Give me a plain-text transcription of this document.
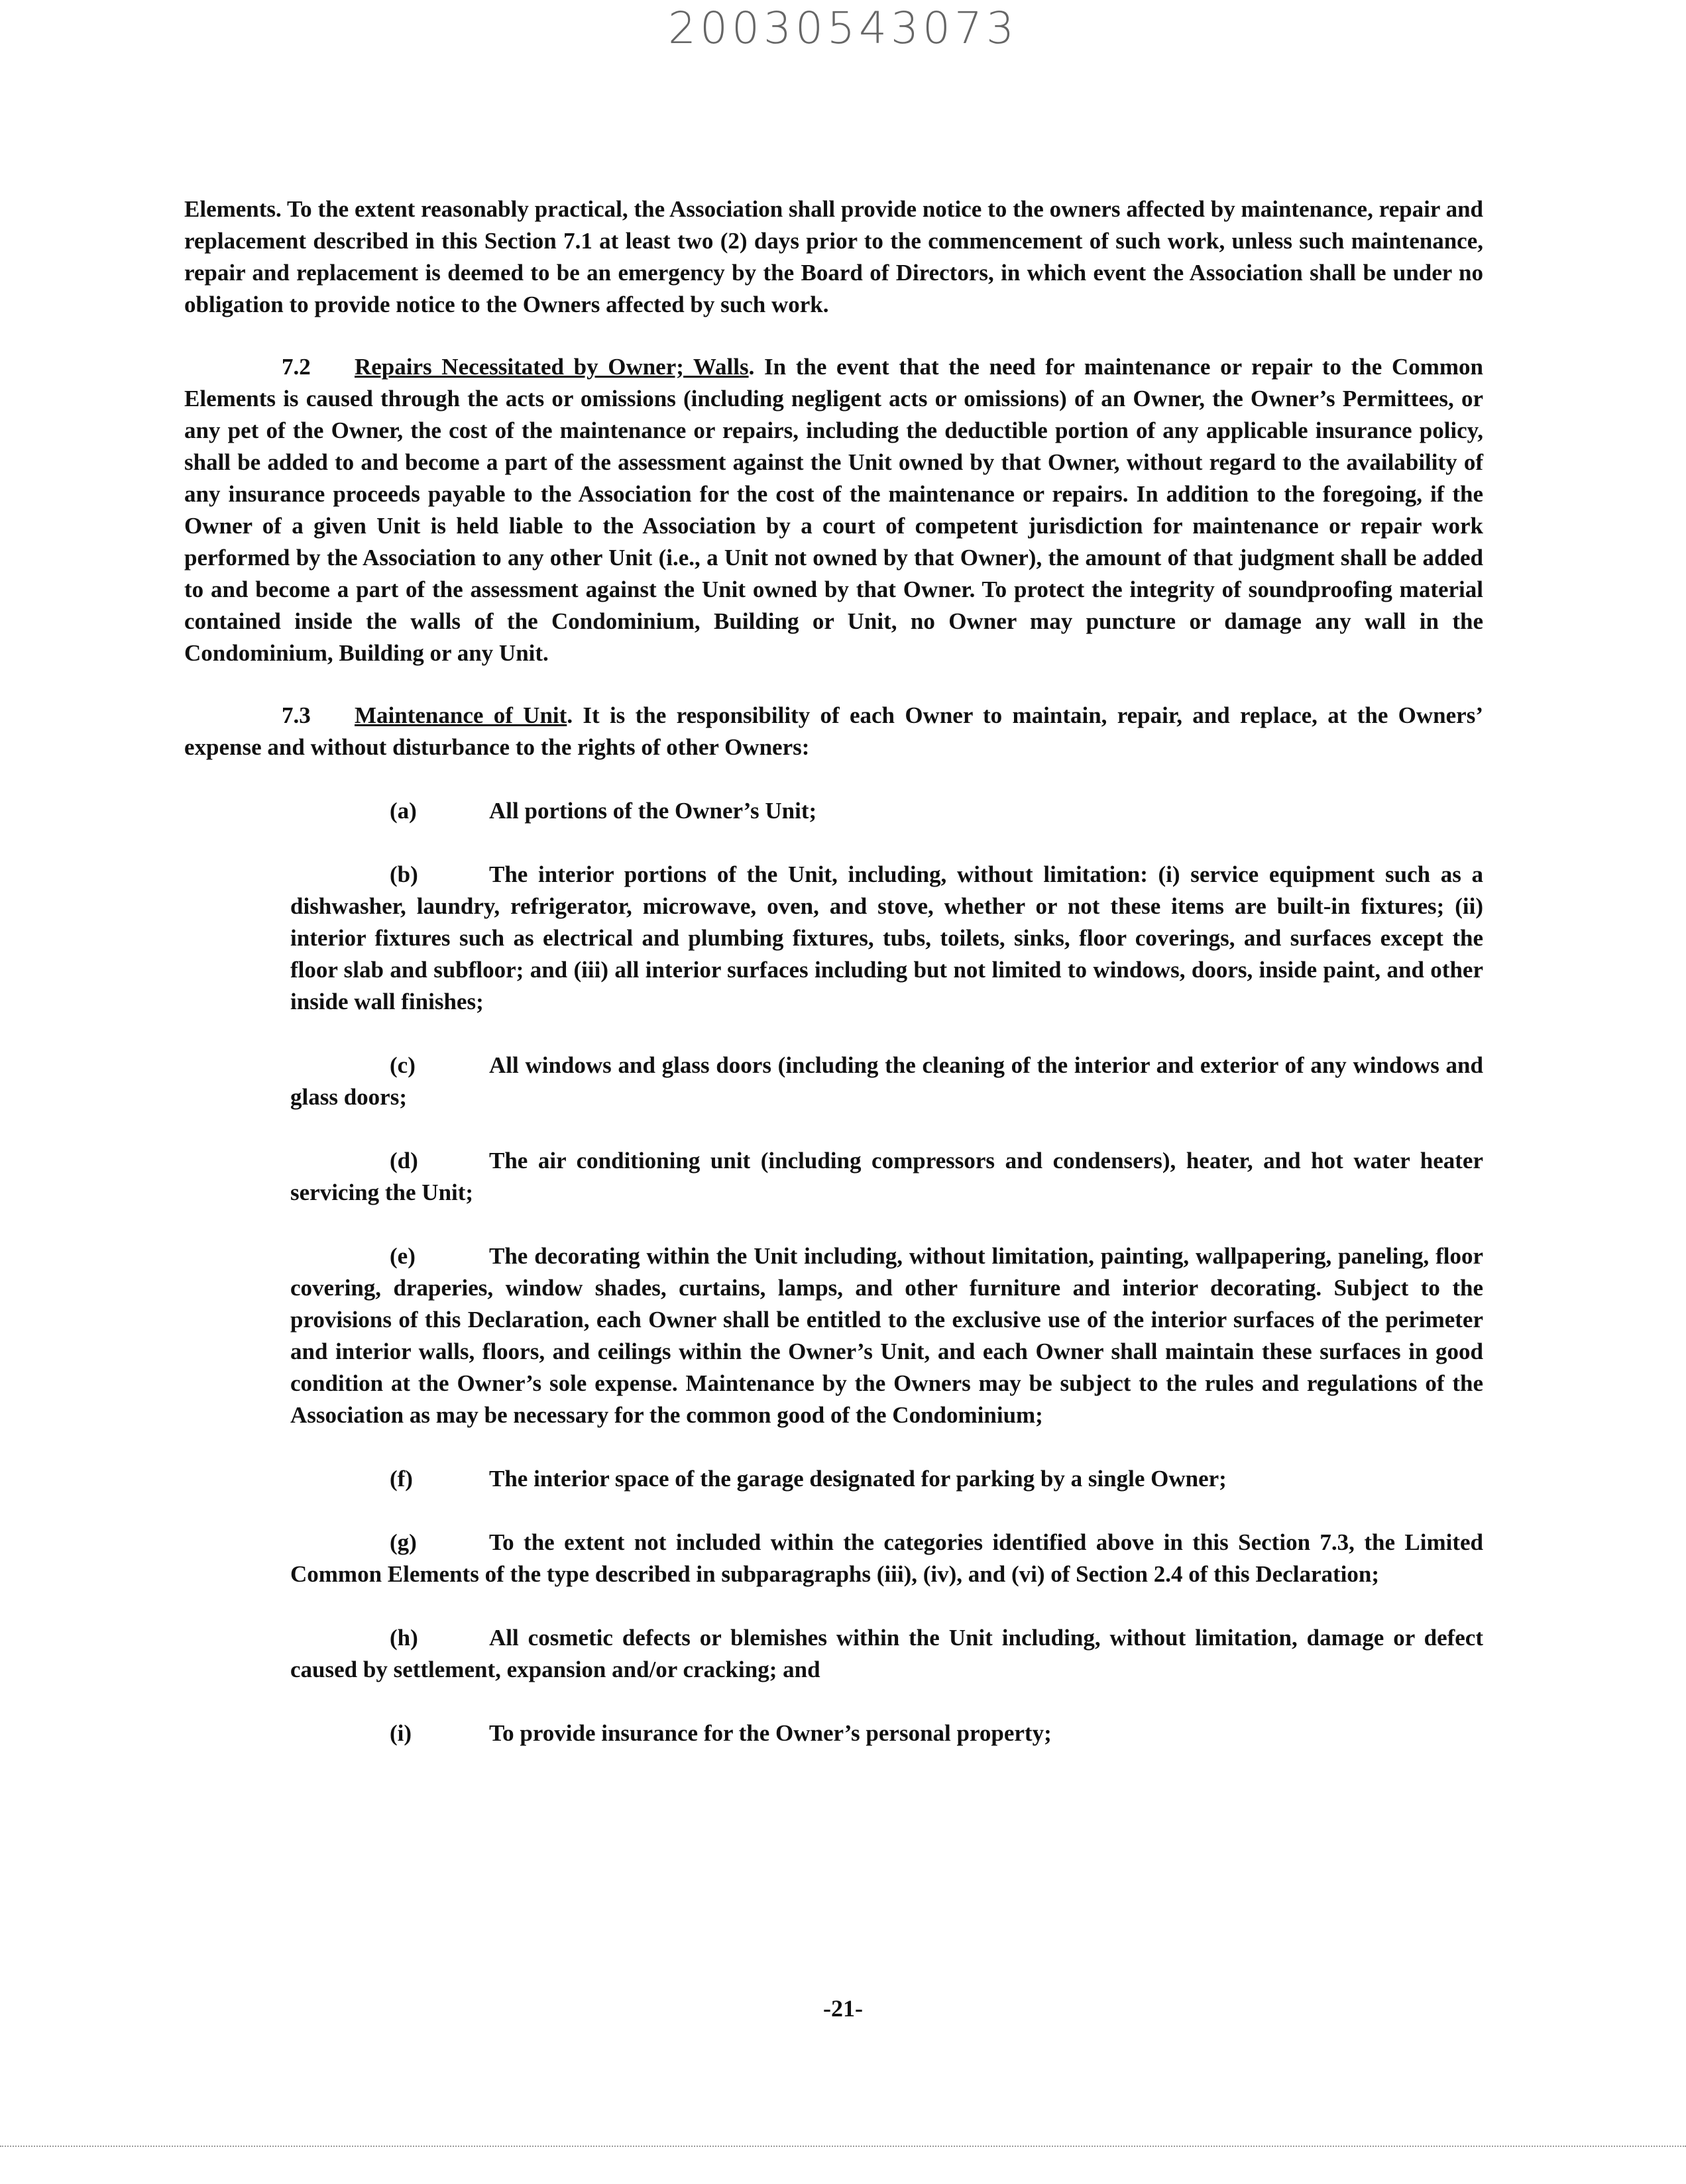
20030543073

Elements. To the extent reasonably practical, the Association shall provide notice to the owners affected by maintenance, repair and replacement described in this Section 7.1 at least two (2) days prior to the commencement of such work, unless such maintenance, repair and replacement is deemed to be an emergency by the Board of Directors, in which event the Association shall be under no obligation to provide notice to the Owners affected by such work.

7.2 Repairs Necessitated by Owner; Walls. In the event that the need for maintenance or repair to the Common Elements is caused through the acts or omissions (including negligent acts or omissions) of an Owner, the Owner’s Permittees, or any pet of the Owner, the cost of the maintenance or repairs, including the deductible portion of any applicable insurance policy, shall be added to and become a part of the assessment against the Unit owned by that Owner, without regard to the availability of any insurance proceeds payable to the Association for the cost of the maintenance or repairs. In addition to the foregoing, if the Owner of a given Unit is held liable to the Association by a court of competent jurisdiction for maintenance or repair work performed by the Association to any other Unit (i.e., a Unit not owned by that Owner), the amount of that judgment shall be added to and become a part of the assessment against the Unit owned by that Owner. To protect the integrity of soundproofing material contained inside the walls of the Condominium, Building or Unit, no Owner may puncture or damage any wall in the Condominium, Building or any Unit.

7.3 Maintenance of Unit. It is the responsibility of each Owner to maintain, repair, and replace, at the Owners’ expense and without disturbance to the rights of other Owners:

(a)	All portions of the Owner’s Unit;

(b)	The interior portions of the Unit, including, without limitation: (i) service equipment such as a dishwasher, laundry, refrigerator, microwave, oven, and stove, whether or not these items are built-in fixtures; (ii) interior fixtures such as electrical and plumbing fixtures, tubs, toilets, sinks, floor coverings, and surfaces except the floor slab and subfloor; and (iii) all interior surfaces including but not limited to windows, doors, inside paint, and other inside wall finishes;

(c)	All windows and glass doors (including the cleaning of the interior and exterior of any windows and glass doors;

(d)	The air conditioning unit (including compressors and condensers), heater, and hot water heater servicing the Unit;

(e)	The decorating within the Unit including, without limitation, painting, wallpapering, paneling, floor covering, draperies, window shades, curtains, lamps, and other furniture and interior decorating. Subject to the provisions of this Declaration, each Owner shall be entitled to the exclusive use of the interior surfaces of the perimeter and interior walls, floors, and ceilings within the Owner’s Unit, and each Owner shall maintain these surfaces in good condition at the Owner’s sole expense. Maintenance by the Owners may be subject to the rules and regulations of the Association as may be necessary for the common good of the Condominium;

(f)	The interior space of the garage designated for parking by a single Owner;

(g)	To the extent not included within the categories identified above in this Section 7.3, the Limited Common Elements of the type described in subparagraphs (iii), (iv), and (vi) of Section 2.4 of this Declaration;

(h)	All cosmetic defects or blemishes within the Unit including, without limitation, damage or defect caused by settlement, expansion and/or cracking; and

(i)	To provide insurance for the Owner’s personal property;

-21-
